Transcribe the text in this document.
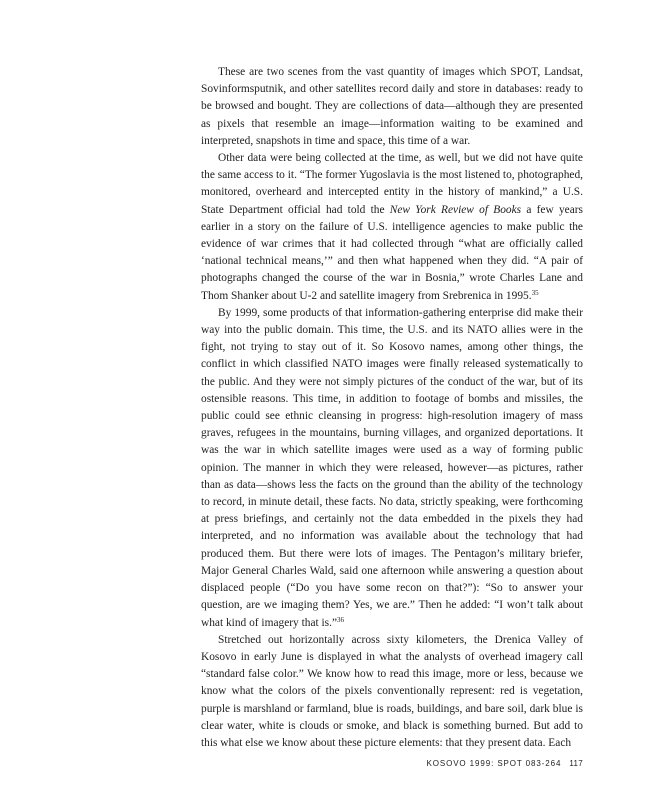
These are two scenes from the vast quantity of images which SPOT, Landsat, Sovinformsputnik, and other satellites record daily and store in databases: ready to be browsed and bought. They are collections of data—although they are presented as pixels that resemble an image—information waiting to be examined and interpreted, snapshots in time and space, this time of a war.

Other data were being collected at the time, as well, but we did not have quite the same access to it. “The former Yugoslavia is the most listened to, photographed, monitored, overheard and intercepted entity in the history of mankind,” a U.S. State Department official had told the New York Review of Books a few years earlier in a story on the failure of U.S. intelligence agencies to make public the evidence of war crimes that it had collected through “what are officially called ‘national technical means,’” and then what happened when they did. “A pair of photographs changed the course of the war in Bosnia,” wrote Charles Lane and Thom Shanker about U-2 and satellite imagery from Srebrenica in 1995.35

By 1999, some products of that information-gathering enterprise did make their way into the public domain. This time, the U.S. and its NATO allies were in the fight, not trying to stay out of it. So Kosovo names, among other things, the conflict in which classified NATO images were finally released systematically to the public. And they were not simply pictures of the conduct of the war, but of its ostensible reasons. This time, in addition to footage of bombs and missiles, the public could see ethnic cleansing in progress: high-resolution imagery of mass graves, refugees in the mountains, burning villages, and organized deportations. It was the war in which satellite images were used as a way of forming public opinion. The manner in which they were released, however—as pictures, rather than as data—shows less the facts on the ground than the ability of the technology to record, in minute detail, these facts. No data, strictly speaking, were forthcoming at press briefings, and certainly not the data embedded in the pixels they had interpreted, and no information was available about the technology that had produced them. But there were lots of images. The Pentagon’s military briefer, Major General Charles Wald, said one afternoon while answering a question about displaced people (“Do you have some recon on that?”): “So to answer your question, are we imaging them? Yes, we are.” Then he added: “I won’t talk about what kind of imagery that is.”$^{36}$

Stretched out horizontally across sixty kilometers, the Drenica Valley of Kosovo in early June is displayed in what the analysts of overhead imagery call “standard false color.” We know how to read this image, more or less, because we know what the colors of the pixels conventionally represent: red is vegetation, purple is marshland or farmland, blue is roads, buildings, and bare soil, dark blue is clear water, white is clouds or smoke, and black is something burned. But add to this what else we know about these picture elements: that they present data. Each

KOSOVO 1999: SPOT 083-264 117
